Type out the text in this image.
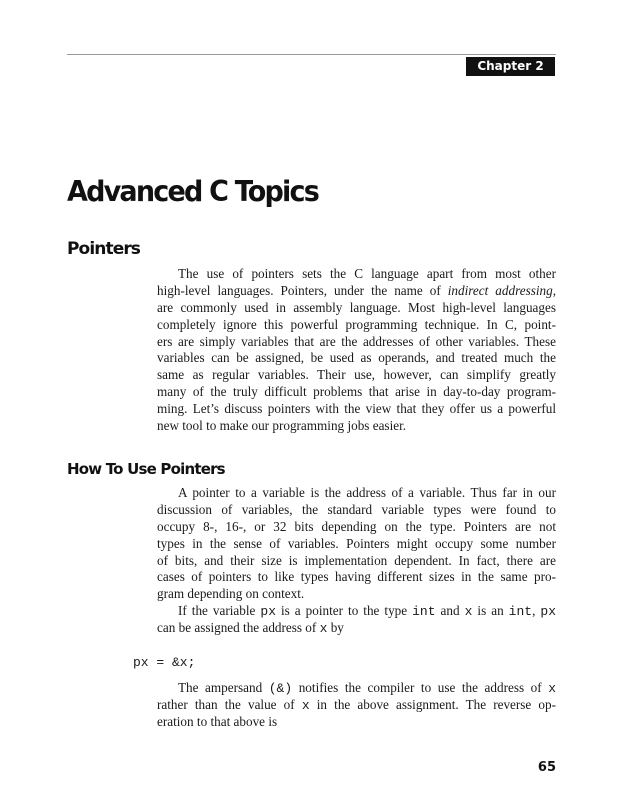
Chapter 2
Advanced C Topics
Pointers
The use of pointers sets the C language apart from most other
high-level languages. Pointers, under the name of indirect addressing,
are commonly used in assembly language. Most high-level languages
completely ignore this powerful programming technique. In C, point-
ers are simply variables that are the addresses of other variables. These
variables can be assigned, be used as operands, and treated much the
same as regular variables. Their use, however, can simplify greatly
many of the truly difficult problems that arise in day-to-day program-
ming. Let’s discuss pointers with the view that they offer us a powerful
new tool to make our programming jobs easier.
How To Use Pointers
A pointer to a variable is the address of a variable. Thus far in our
discussion of variables, the standard variable types were found to
occupy 8-, 16-, or 32 bits depending on the type. Pointers are not
types in the sense of variables. Pointers might occupy some number
of bits, and their size is implementation dependent. In fact, there are
cases of pointers to like types having different sizes in the same pro-
gram depending on context.
If the variable px is a pointer to the type int and x is an int, px
can be assigned the address of x by
px = &x;
The ampersand (&) notifies the compiler to use the address of x
rather than the value of x in the above assignment. The reverse op-
eration to that above is
65
